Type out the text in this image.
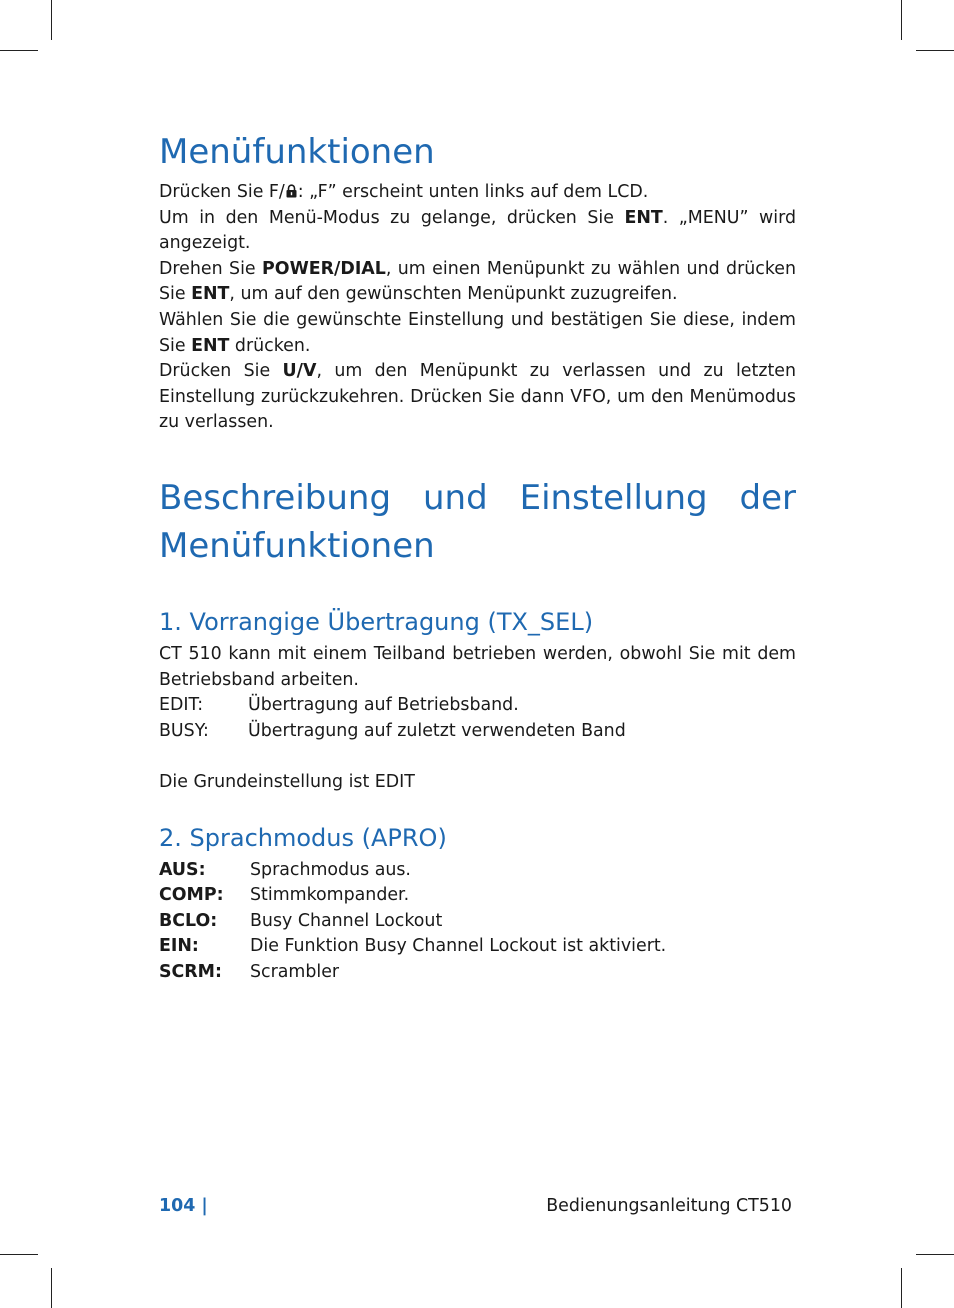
Menüfunktionen

Drücken Sie F/ : „F” erscheint unten links auf dem LCD.

Um in den Menü-Modus zu gelange, drücken Sie ENT. „MENU” wird angezeigt.

Drehen Sie POWER/DIAL, um einen Menüpunkt zu wählen und drücken Sie ENT, um auf den gewünschten Menüpunkt zuzugreifen.

Wählen Sie die gewünschte Einstellung und bestätigen Sie diese, indem Sie ENT drücken.

Drücken Sie U/V, um den Menüpunkt zu verlassen und zu letzten Einstellung zurückzukehren. Drücken Sie dann VFO, um den Menümodus zu verlassen.

Beschreibung und Einstellung der Menüfunktionen
1. Vorrangige Übertragung (TX_SEL)

CT 510 kann mit einem Teilband betrieben werden, obwohl Sie mit dem Betriebsband arbeiten.

EDIT:	Übertragung auf Betriebsband.
BUSY:	Übertragung auf zuletzt verwendeten Band

Die Grundeinstellung ist EDIT

2. Sprachmodus (APRO)
AUS:	Sprachmodus aus.
COMP:	Stimmkompander.
BCLO:	Busy Channel Lockout
EIN:	Die Funktion Busy Channel Lockout ist aktiviert.
SCRM:	Scrambler
104 |	Bedienungsanleitung CT510
